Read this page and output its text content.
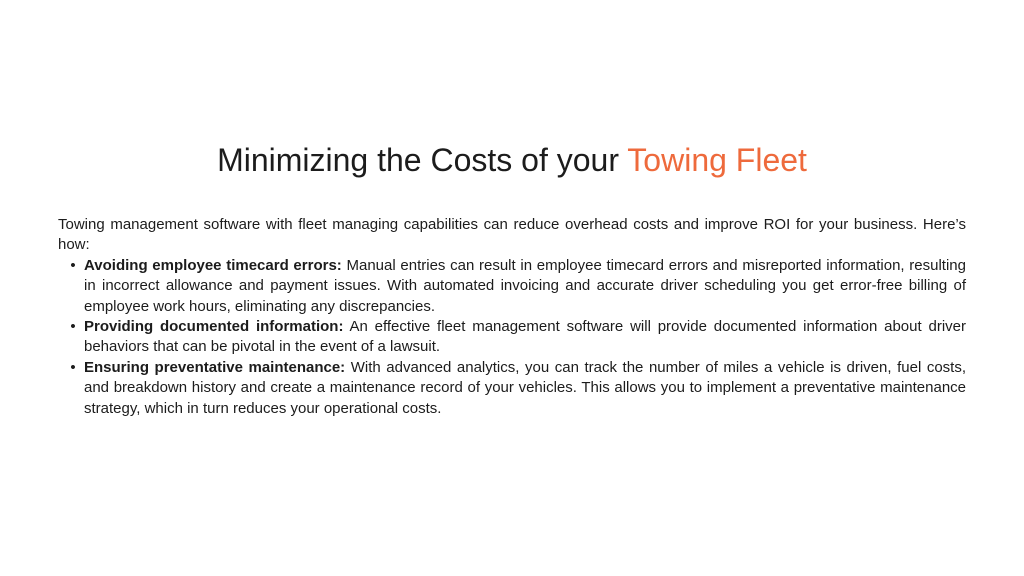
Minimizing the Costs of your Towing Fleet

Towing management software with fleet managing capabilities can reduce overhead costs and improve ROI for your business. Here’s how:

• Avoiding employee timecard errors: Manual entries can result in employee timecard errors and misreported information, resulting in incorrect allowance and payment issues. With automated invoicing and accurate driver scheduling you get error-free billing of employee work hours, eliminating any discrepancies.
• Providing documented information: An effective fleet management software will provide documented information about driver behaviors that can be pivotal in the event of a lawsuit.
• Ensuring preventative maintenance: With advanced analytics, you can track the number of miles a vehicle is driven, fuel costs, and breakdown history and create a maintenance record of your vehicles. This allows you to implement a preventative maintenance strategy, which in turn reduces your operational costs.
